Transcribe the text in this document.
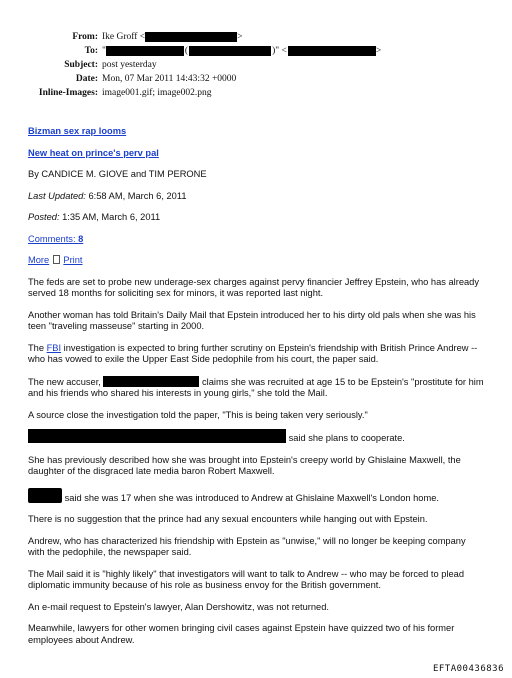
From: Ike Groff <	>
To: "	(	)" <	>
Subject: post yesterday
Date: Mon, 07 Mar 2011 14:43:32 +0000
Inline-Images: image001.gif; image002.png

Bizman sex rap looms

New heat on prince's perv pal

By CANDICE M. GIOVE and TIM PERONE

Last Updated: 6:58 AM, March 6, 2011

Posted: 1:35 AM, March 6, 2011

Comments: 8

More Print

The feds are set to probe new underage-sex charges against pervy financier Jeffrey Epstein, who has already served 18 months for soliciting sex for minors, it was reported last night.

Another woman has told Britain's Daily Mail that Epstein introduced her to his dirty old pals when she was his teen "traveling masseuse" starting in 2000.

The FBI investigation is expected to bring further scrutiny on Epstein's friendship with British Prince Andrew -- who has vowed to exile the Upper East Side pedophile from his court, the paper said.

The new accuser,	claims she was recruited at age 15 to be Epstein's "prostitute for him and his friends who shared his interests in young girls," she told the Mail.

A source close the investigation told the paper, "This is being taken very seriously."

said she plans to cooperate.

She has previously described how she was brought into Epstein's creepy world by Ghislaine Maxwell, the daughter of the disgraced late media baron Robert Maxwell.

said she was 17 when she was introduced to Andrew at Ghislaine Maxwell's London home.

There is no suggestion that the prince had any sexual encounters while hanging out with Epstein.

Andrew, who has characterized his friendship with Epstein as "unwise," will no longer be keeping company with the pedophile, the newspaper said.

The Mail said it is "highly likely" that investigators will want to talk to Andrew -- who may be forced to plead diplomatic immunity because of his role as business envoy for the British government.

An e-mail request to Epstein's lawyer, Alan Dershowitz, was not returned.

Meanwhile, lawyers for other women bringing civil cases against Epstein have quizzed two of his former employees about Andrew.

EFTA00436836
